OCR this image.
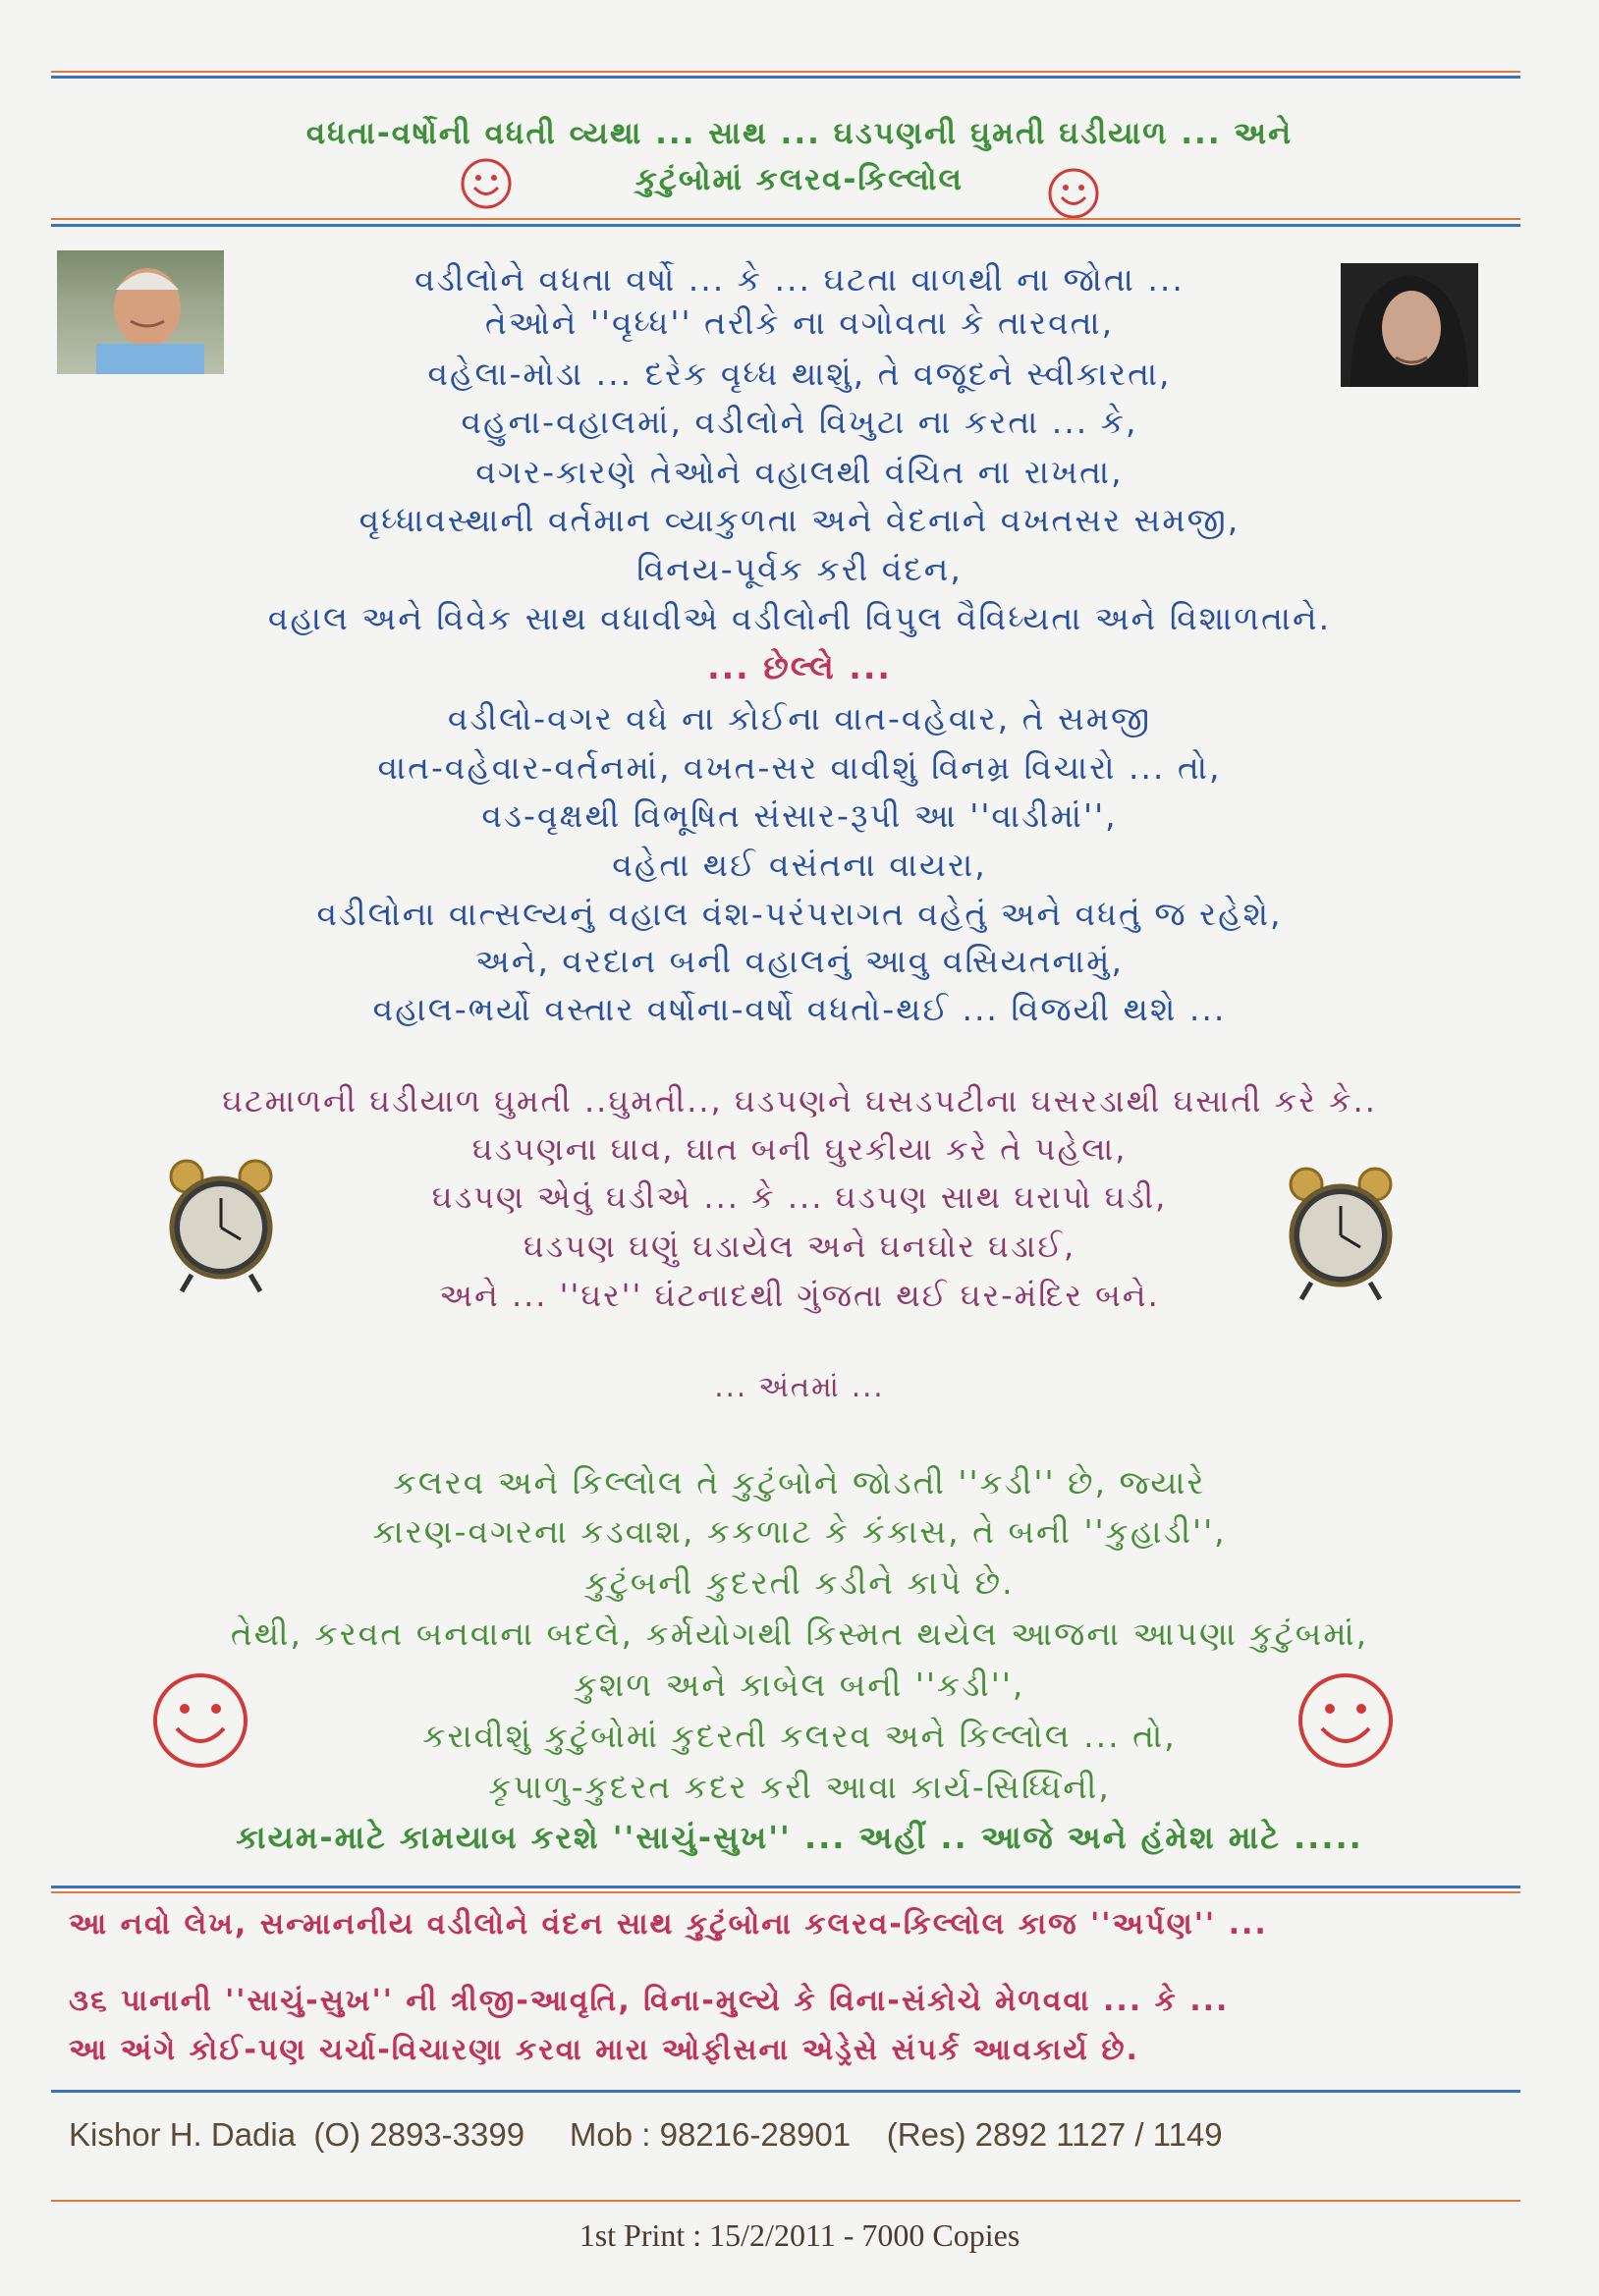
વધતા-વર્ષોની વધતી વ્યથા ... સાથ ... ઘડપણની ઘુમતી ઘડીયાળ ... અને
કુટુંબોમાં કલરવ-કિલ્લોલ
વડીલોને વધતા વર્ષો ... કે ... ઘટતા વાળથી ના જોતા ...
તેઓને ''વૃધ્ધ'' તરીકે ના વગોવતા કે તારવતા,
વહેલા-મોડા ... દરેક વૃધ્ધ થાશું, તે વજૂદને સ્વીકારતા,
વહુના-વહાલમાં, વડીલોને વિખુટા ના કરતા ... કે,
વગર-કારણે તેઓને વહાલથી વંચિત ના રાખતા,
વૃધ્ધાવસ્થાની વર્તમાન વ્યાકુળતા અને વેદનાને વખતસર સમજી,
વિનય-પૂર્વક કરી વંદન,
વહાલ અને વિવેક સાથ વધાવીએ વડીલોની વિપુલ વૈવિધ્યતા અને વિશાળતાને.
... છેલ્લે ...
વડીલો-વગર વધે ના કોઈના વાત-વહેવાર, તે સમજી
વાત-વહેવાર-વર્તનમાં, વખત-સર વાવીશું વિનમ્ર વિચારો ... તો,
વડ-વૃક્ષથી વિભૂષિત સંસાર-રૂપી આ ''વાડીમાં'',
વહેતા થઈ વસંતના વાયરા,
વડીલોના વાત્સલ્યનું વહાલ વંશ-પરંપરાગત વહેતું અને વધતું જ રહેશે,
અને, વરદાન બની વહાલનું આવુ વસિયતનામું,
વહાલ-ભર્યો વસ્તાર વર્ષોના-વર્ષો વધતો-થઈ ... વિજયી થશે ...
ઘટમાળની ઘડીયાળ ઘુમતી ..ઘુમતી.., ઘડપણને ઘસડપટીના ઘસરડાથી ઘસાતી કરે કે..
ઘડપણના ઘાવ, ઘાત બની ઘુરકીયા કરે તે પહેલા,
ઘડપણ એવું ઘડીએ ... કે ... ઘડપણ સાથ ઘરાપો ઘડી,
ઘડપણ ઘણું ઘડાયેલ અને ઘનઘોર ઘડાઈ,
અને ... ''ઘર'' ઘંટનાદથી ગુંજતા થઈ ઘર-મંદિર બને.
... અંતમાં ...
કલરવ અને કિલ્લોલ તે કુટુંબોને જોડતી ''કડી'' છે, જ્યારે
કારણ-વગરના કડવાશ, કકળાટ કે કંકાસ, તે બની ''કુહાડી'',
કુટુંબની કુદરતી કડીને કાપે છે.
તેથી, કરવત બનવાના બદલે, કર્મયોગથી કિસ્મત થયેલ આજના આપણા કુટુંબમાં,
કુશળ અને કાબેલ બની ''કડી'',
કરાવીશું કુટુંબોમાં કુદરતી કલરવ અને કિલ્લોલ ... તો,
કૃપાળુ-કુદરત કદર કરી આવા કાર્ય-સિધ્ધિની,
કાયમ-માટે કામયાબ કરશે ''સાચું-સુખ'' ... અહીં .. આજે અને હંમેશ માટે .....
આ નવો લેખ, સન્માનનીય વડીલોને વંદન સાથ કુટુંબોના કલરવ-કિલ્લોલ કાજ ''અર્પણ'' ...
૩૬ પાનાની ''સાચું-સુખ'' ની ત્રીજી-આવૃતિ, વિના-મુલ્યે કે વિના-સંકોચે મેળવવા ... કે ...
આ અંગે કોઈ-પણ ચર્ચા-વિચારણા કરવા મારા ઓફીસના એડ્રેસે સંપર્ક આવકાર્ય છે.
Kishor H. Dadia  (O) 2893-3399     Mob : 98216-28901    (Res) 2892 1127 / 1149
1st Print : 15/2/2011 - 7000 Copies
